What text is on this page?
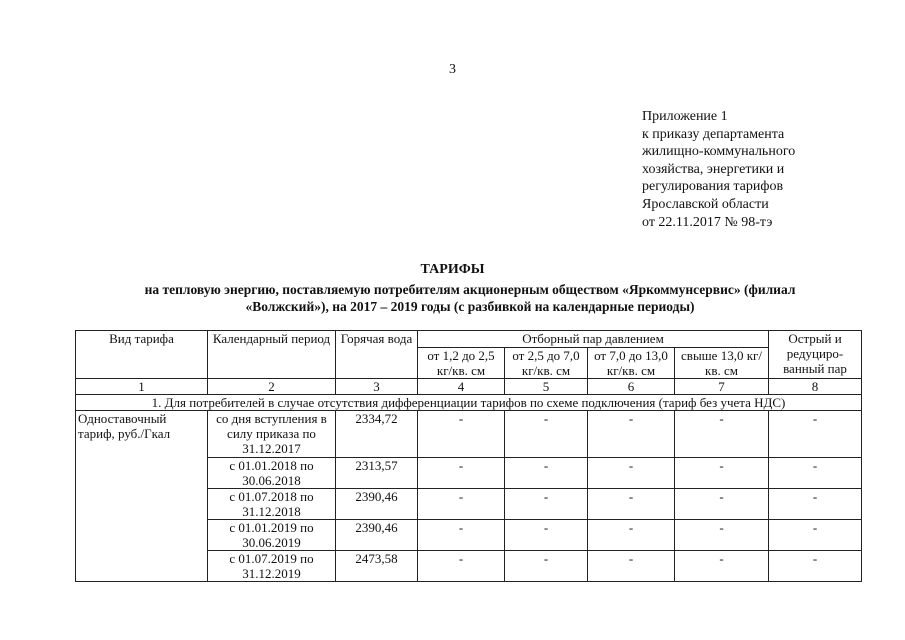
3
Приложение 1
к приказу департамента
жилищно-коммунального
хозяйства, энергетики и
регулирования тарифов
Ярославской области
от 22.11.2017 № 98-тэ
ТАРИФЫ
на тепловую энергию, поставляемую потребителям акционерным обществом «Яркоммунсервис» (филиал
«Волжский»), на 2017 – 2019 годы (с разбивкой на календарные периоды)
Вид тарифа	Календарный период	Горячая вода	Отборный пар давлением				Острый и редуциро-ванный пар
			от 1,2 до 2,5 кг/кв. см	от 2,5 до 7,0 кг/кв. см	от 7,0 до 13,0 кг/кв. см	свыше 13,0 кг/кв. см	
1	2	3	4	5	6	7	8
1. Для потребителей в случае отсутствия дифференциации тарифов по схеме подключения (тариф без учета НДС)							
Одноставочный тариф, руб./Гкал	со дня вступления в силу приказа по 31.12.2017	2334,72	-	-	-	-	-
	с 01.01.2018 по 30.06.2018	2313,57	-	-	-	-	-
	с 01.07.2018 по 31.12.2018	2390,46	-	-	-	-	-
	с 01.01.2019 по 30.06.2019	2390,46	-	-	-	-	-
	с 01.07.2019 по 31.12.2019	2473,58	-	-	-	-	-
